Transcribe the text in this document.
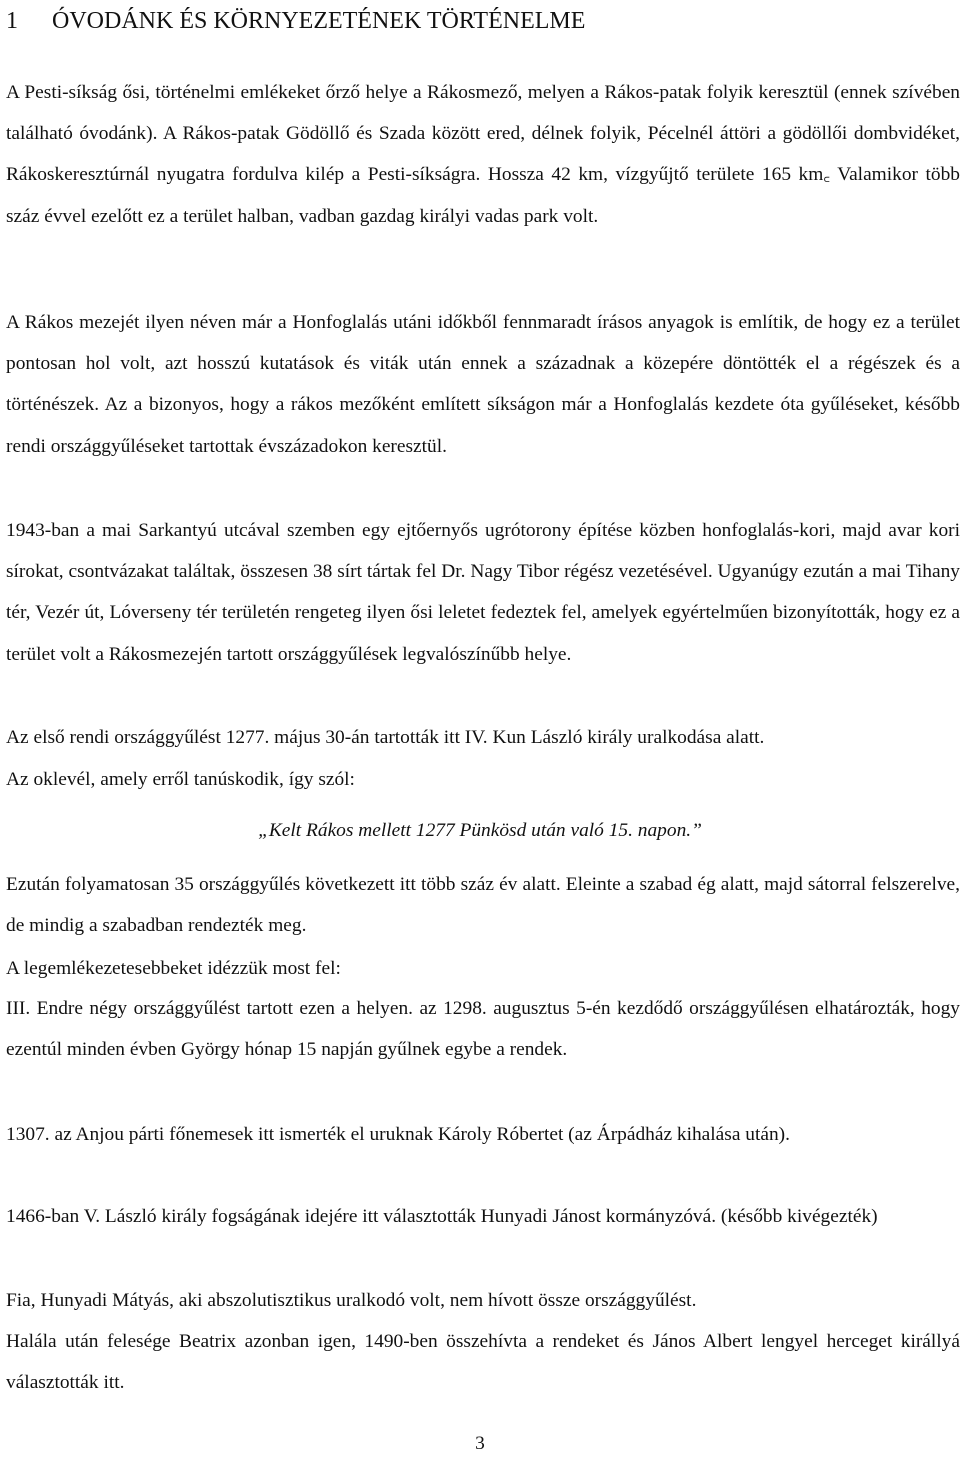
1 ÓVODÁNK ÉS KÖRNYEZETÉNEK TÖRTÉNELME

A Pesti-síkság ősi, történelmi emlékeket őrző helye a Rákosmező, melyen a Rákos-patak folyik keresztül (ennek szívében található óvodánk). A Rákos-patak Gödöllő és Szada között ered, délnek folyik, Pécelnél áttöri a gödöllői dombvidéket, Rákoskeresztúrnál nyugatra fordulva kilép a Pesti-síkságra. Hossza 42 km, vízgyűjtő területe 165 km꜀ Valamikor több száz évvel ezelőtt ez a terület halban, vadban gazdag királyi vadas park volt.

A Rákos mezejét ilyen néven már a Honfoglalás utáni időkből fennmaradt írásos anyagok is említik, de hogy ez a terület pontosan hol volt, azt hosszú kutatások és viták után ennek a századnak a közepére döntötték el a régészek és a történészek. Az a bizonyos, hogy a rákos mezőként említett síkságon már a Honfoglalás kezdete óta gyűléseket, később rendi országgyűléseket tartottak évszázadokon keresztül.

1943-ban a mai Sarkantyú utcával szemben egy ejtőernyős ugrótorony építése közben honfoglalás-kori, majd avar kori sírokat, csontvázakat találtak, összesen 38 sírt tártak fel Dr. Nagy Tibor régész vezetésével. Ugyanúgy ezután a mai Tihany tér, Vezér út, Lóverseny tér területén rengeteg ilyen ősi leletet fedeztek fel, amelyek egyértelműen bizonyították, hogy ez a terület volt a Rákosmezején tartott országgyűlések legvalószínűbb helye.

Az első rendi országgyűlést 1277. május 30-án tartották itt IV. Kun László király uralkodása alatt.

Az oklevél, amely erről tanúskodik, így szól:

„Kelt Rákos mellett 1277 Pünkösd után való 15. napon.”

Ezután folyamatosan 35 országgyűlés következett itt több száz év alatt. Eleinte a szabad ég alatt, majd sátorral felszerelve, de mindig a szabadban rendezték meg.

A legemlékezetesebbeket idézzük most fel:

III. Endre négy országgyűlést tartott ezen a helyen. az 1298. augusztus 5-én kezdődő országgyűlésen elhatározták, hogy ezentúl minden évben György hónap 15 napján gyűlnek egybe a rendek.

1307. az Anjou párti főnemesek itt ismerték el uruknak Károly Róbertet (az Árpádház kihalása után).

1466-ban V. László király fogságának idejére itt választották Hunyadi Jánost kormányzóvá. (később kivégezték)

Fia, Hunyadi Mátyás, aki abszolutisztikus uralkodó volt, nem hívott össze országgyűlést.

Halála után felesége Beatrix azonban igen, 1490-ben összehívta a rendeket és János Albert lengyel herceget királlyá választották itt.

3
